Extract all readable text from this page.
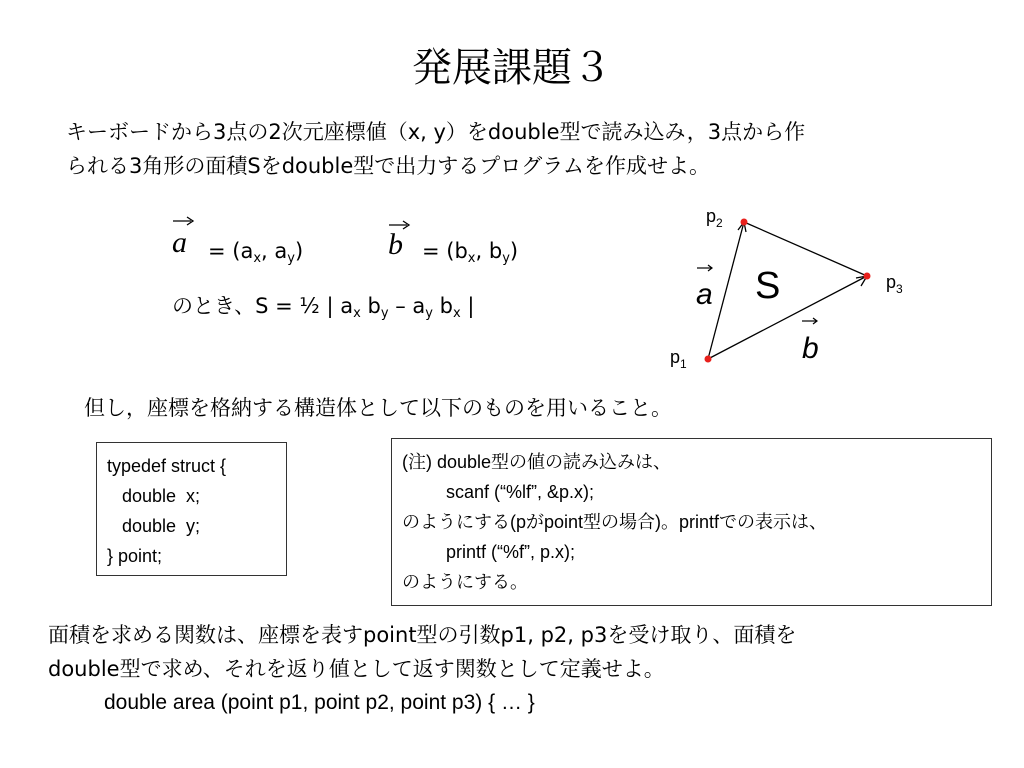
発展課題３
キーボードから3点の2次元座標値（x, y）をdouble型で読み込み，3点から作
られる3角形の面積Sをdouble型で出力するプログラムを作成せよ。
$a = (a_x$, $a_y$)	$b = (b_x$, $b_y$)
のとき、S = ½ | $a_x$ $b_y - a_y$ $b_x$ |
$p_1$
$p_2$
$p_3$
S
a
b
但し，座標を格納する構造体として以下のものを用いること。
typedef struct {
double  x;
double  y;
} point;
(注) double型の値の読み込みは、
scanf (“%lf”, &p.x);
のようにする(pがpoint型の場合)。printfでの表示は、
printf (“%f”, p.x);
のようにする。
面積を求める関数は、座標を表すpoint型の引数p1, p2, p3を受け取り、面積を
double型で求め、それを返り値として返す関数として定義せよ。
double area (point p1, point p2, point p3) { … }
